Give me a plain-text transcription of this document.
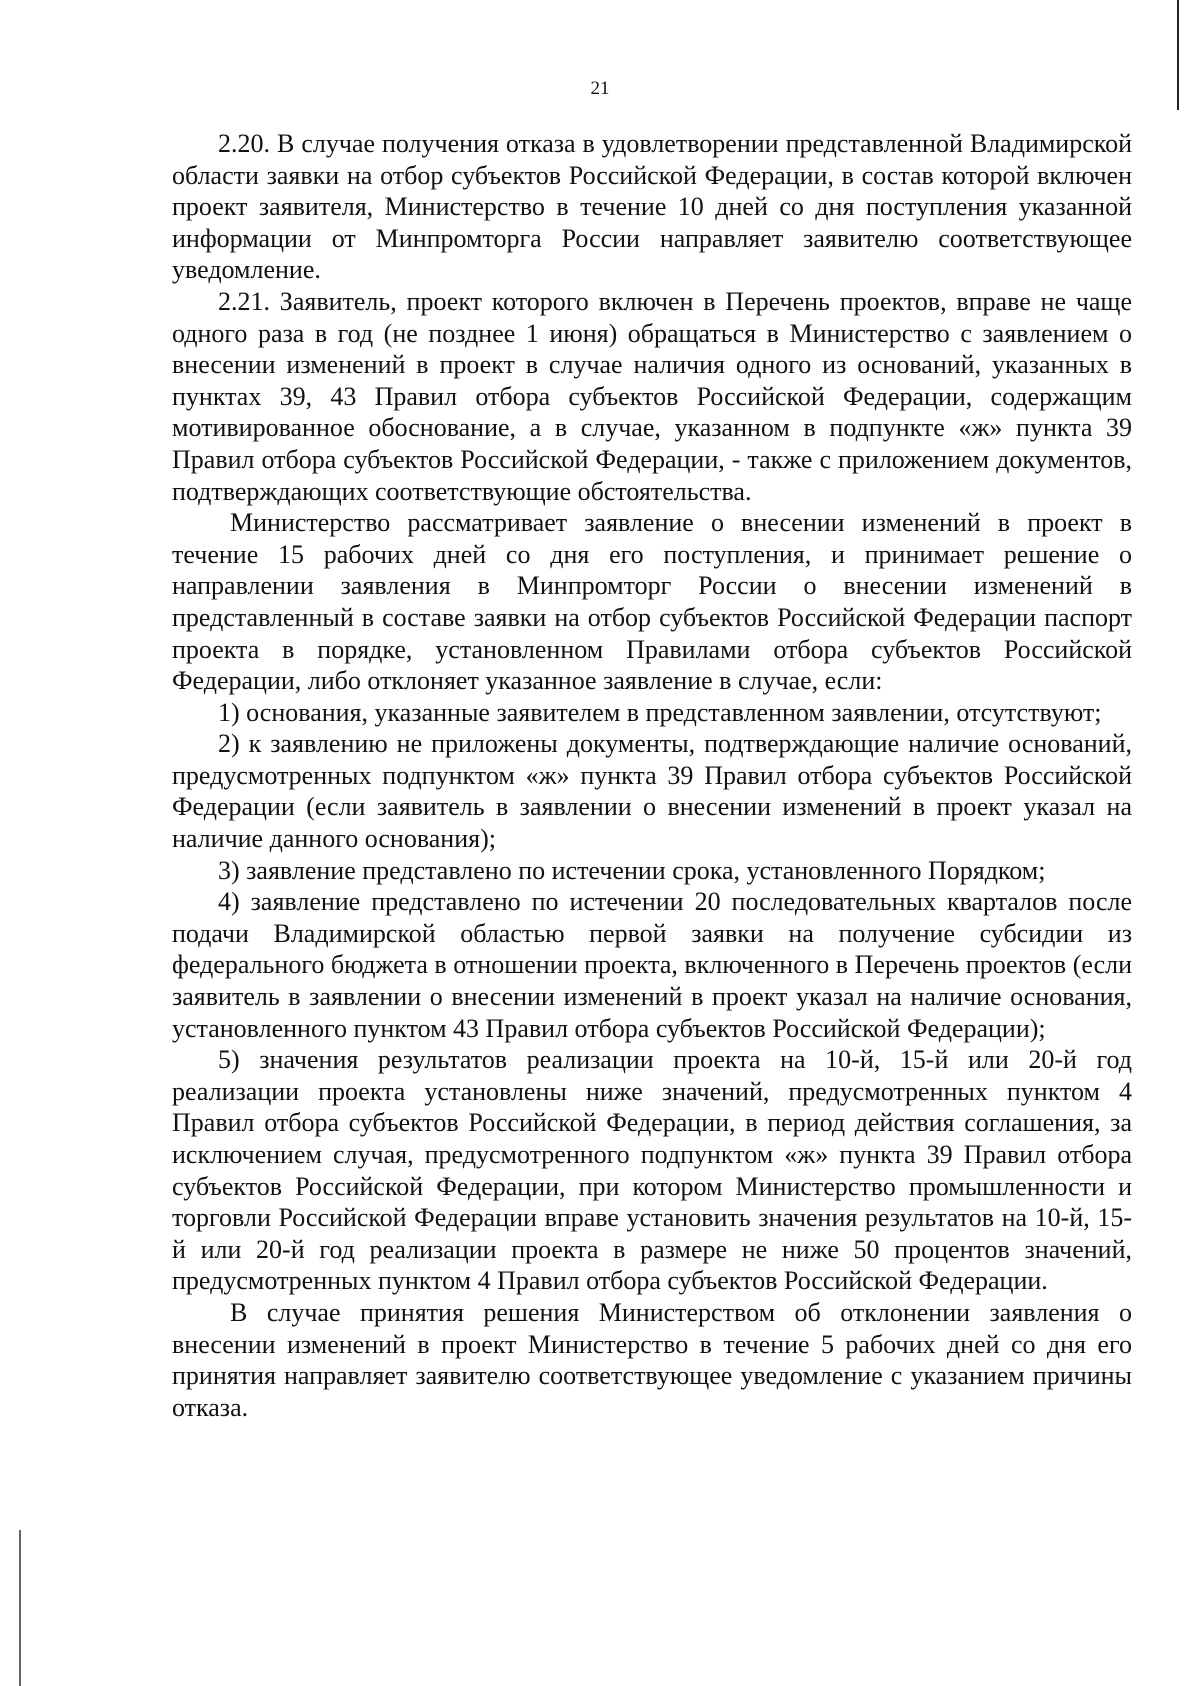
21

2.20. В случае получения отказа в удовлетворении представленной Владимирской области заявки на отбор субъектов Российской Федерации, в состав которой включен проект заявителя, Министерство в течение 10 дней со дня поступления указанной информации от Минпромторга России направляет заявителю соответствующее уведомление.

2.21. Заявитель, проект которого включен в Перечень проектов, вправе не чаще одного раза в год (не позднее 1 июня) обращаться в Министерство с заявлением о внесении изменений в проект в случае наличия одного из оснований, указанных в пунктах 39, 43 Правил отбора субъектов Российской Федерации, содержащим мотивированное обоснование, а в случае, указанном в подпункте «ж» пункта 39 Правил отбора субъектов Российской Федерации, - также с приложением документов, подтверждающих соответствующие обстоятельства.

Министерство рассматривает заявление о внесении изменений в проект в течение 15 рабочих дней со дня его поступления, и принимает решение о направлении заявления в Минпромторг России о внесении изменений в представленный в составе заявки на отбор субъектов Российской Федерации паспорт проекта в порядке, установленном Правилами отбора субъектов Российской Федерации, либо отклоняет указанное заявление в случае, если:

1) основания, указанные заявителем в представленном заявлении, отсутствуют;

2) к заявлению не приложены документы, подтверждающие наличие оснований, предусмотренных подпунктом «ж» пункта 39 Правил отбора субъектов Российской Федерации (если заявитель в заявлении о внесении изменений в проект указал на наличие данного основания);

3) заявление представлено по истечении срока, установленного Порядком;

4) заявление представлено по истечении 20 последовательных кварталов после подачи Владимирской областью первой заявки на получение субсидии из федерального бюджета в отношении проекта, включенного в Перечень проектов (если заявитель в заявлении о внесении изменений в проект указал на наличие основания, установленного пунктом 43 Правил отбора субъектов Российской Федерации);

5) значения результатов реализации проекта на 10-й, 15-й или 20-й год реализации проекта установлены ниже значений, предусмотренных пунктом 4 Правил отбора субъектов Российской Федерации, в период действия соглашения, за исключением случая, предусмотренного подпунктом «ж» пункта 39 Правил отбора субъектов Российской Федерации, при котором Министерство промышленности и торговли Российской Федерации вправе установить значения результатов на 10-й, 15-й или 20-й год реализации проекта в размере не ниже 50 процентов значений, предусмотренных пунктом 4 Правил отбора субъектов Российской Федерации.

В случае принятия решения Министерством об отклонении заявления о внесении изменений в проект Министерство в течение 5 рабочих дней со дня его принятия направляет заявителю соответствующее уведомление с указанием причины отказа.
